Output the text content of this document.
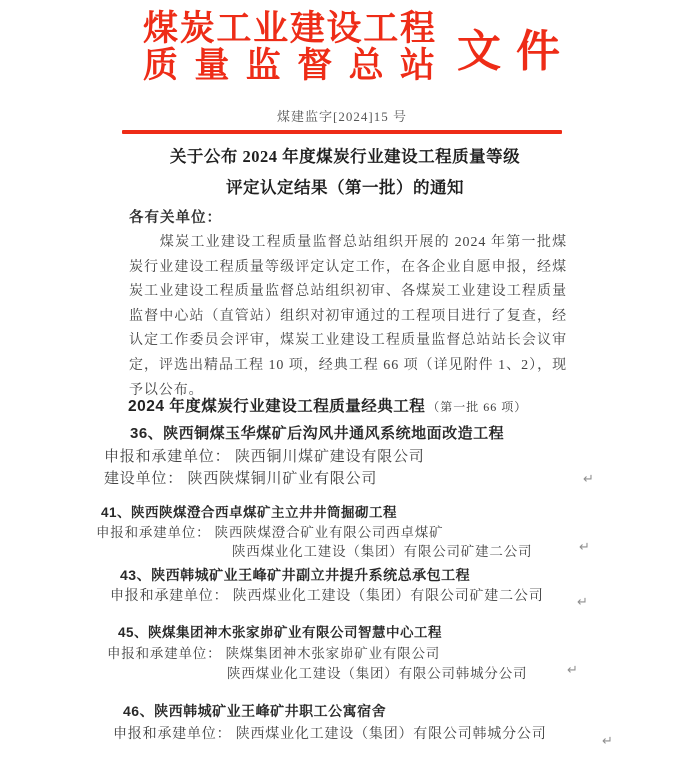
煤炭工业建设工程
质量监督总站 文件
煤建监字[2024]15 号
关于公布 2024 年度煤炭行业建设工程质量等级
评定认定结果（第一批）的通知
各有关单位：
煤炭工业建设工程质量监督总站组织开展的 2024 年第一批煤炭行业建设工程质量等级评定认定工作，在各企业自愿申报，经煤炭工业建设工程质量监督总站组织初审、各煤炭工业建设工程质量监督中心站（直管站）组织对初审通过的工程项目进行了复查，经认定工作委员会评审，煤炭工业建设工程质量监督总站站长会议审定，评选出精品工程 10 项，经典工程 66 项（详见附件 1、2），现予以公布。
2024 年度煤炭行业建设工程质量经典工程 （第一批 66 项）
36、陕西铜煤玉华煤矿后沟风井通风系统地面改造工程
申报和承建单位： 陕西铜川煤矿建设有限公司
建设单位： 陕西陕煤铜川矿业有限公司	↵
41、陕西陕煤澄合西卓煤矿主立井井筒掘砌工程
申报和承建单位： 陕西陕煤澄合矿业有限公司西卓煤矿
陕西煤业化工建设（集团）有限公司矿建二公司	↵
43、陕西韩城矿业王峰矿井副立井提升系统总承包工程
申报和承建单位： 陕西煤业化工建设（集团）有限公司矿建二公司	↵
45、陕煤集团神木张家峁矿业有限公司智慧中心工程
申报和承建单位： 陕煤集团神木张家峁矿业有限公司
陕西煤业化工建设（集团）有限公司韩城分公司	↵
46、陕西韩城矿业王峰矿井职工公寓宿舍
申报和承建单位： 陕西煤业化工建设（集团）有限公司韩城分公司	↵
